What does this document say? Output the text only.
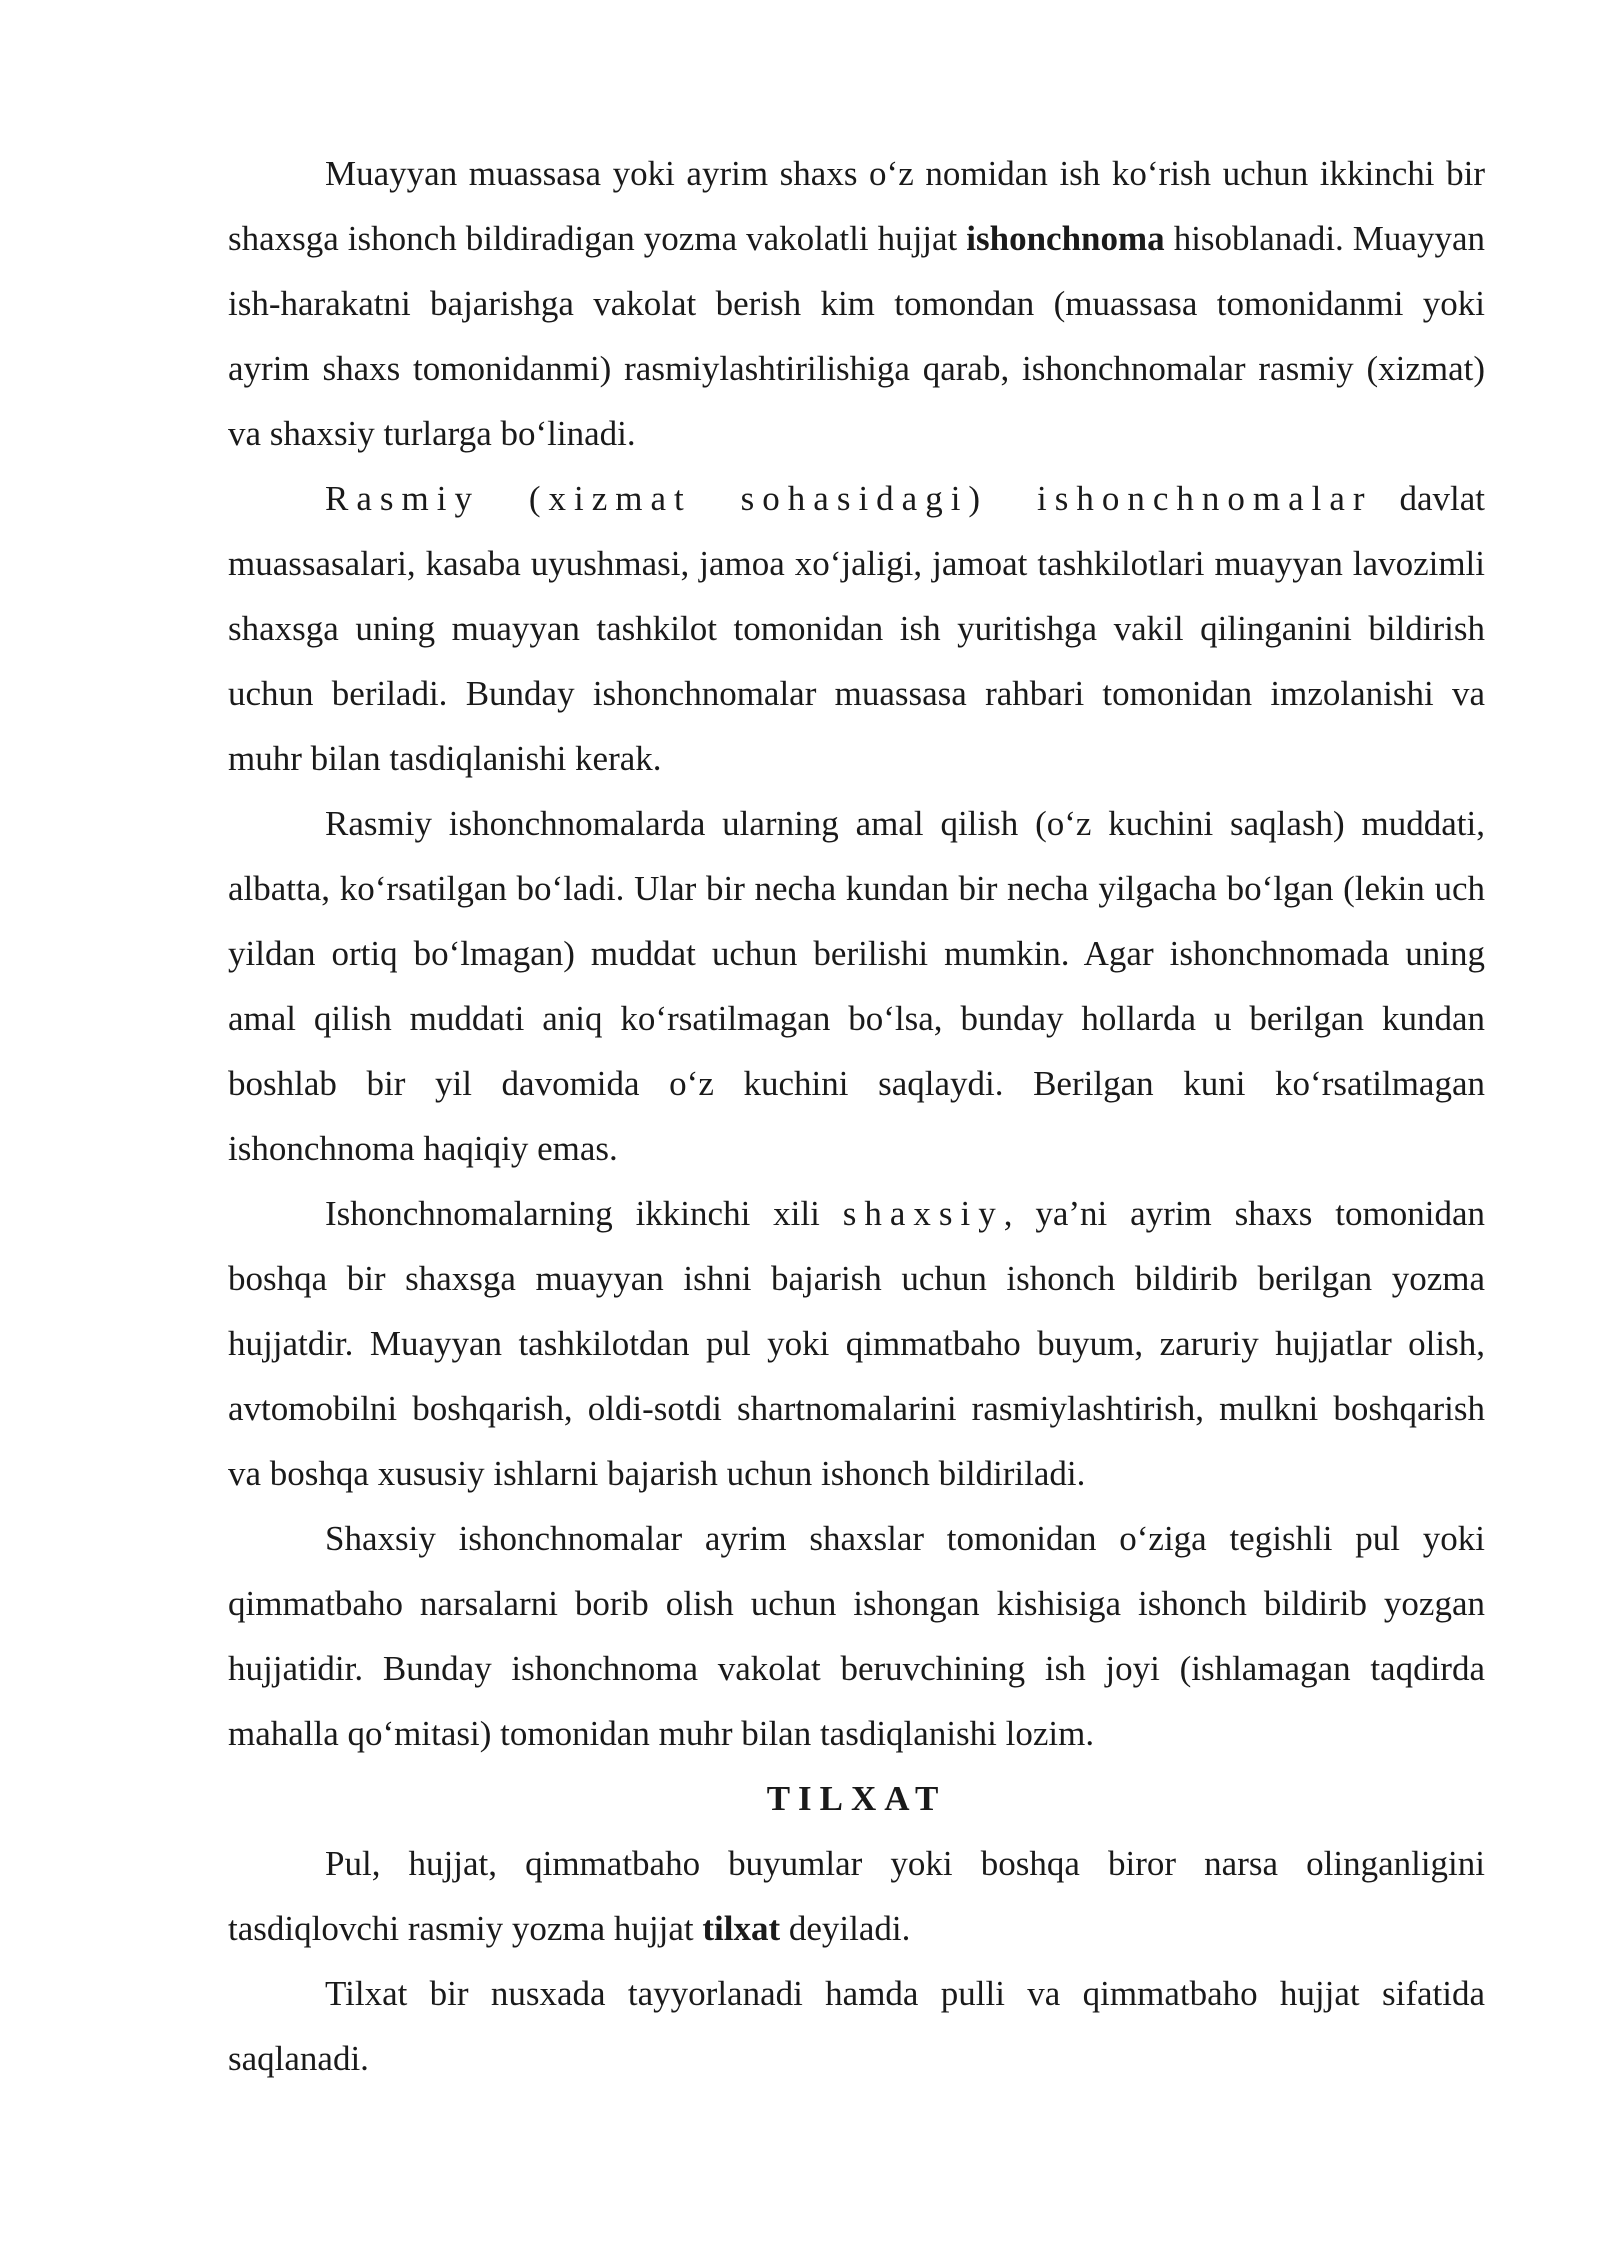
Muayyan muassasa yoki ayrim shaxs o‘z nomidan ish ko‘rish uchun ikkinchi bir shaxsga ishonch bildiradigan yozma vakolatli hujjat ishonchnoma hisoblanadi. Muayyan ish-harakatni bajarishga vakolat berish kim tomondan (muassasa tomonidanmi yoki ayrim shaxs tomonidanmi) rasmiylashtirilishiga qarab, ishonchnomalar rasmiy (xizmat) va shaxsiy turlarga bo‘linadi.

Rasmiy (xizmat sohasidagi) ishonchnomalar davlat muassasalari, kasaba uyushmasi, jamoa xo‘jaligi, jamoat tashkilotlari muayyan lavozimli shaxsga uning muayyan tashkilot tomonidan ish yuritishga vakil qilinganini bildirish uchun beriladi. Bunday ishonchnomalar muassasa rahbari tomonidan imzolanishi va muhr bilan tasdiqlanishi kerak.

Rasmiy ishonchnomalarda ularning amal qilish (o‘z kuchini saqlash) muddati, albatta, ko‘rsatilgan bo‘ladi. Ular bir necha kundan bir necha yilgacha bo‘lgan (lekin uch yildan ortiq bo‘lmagan) muddat uchun berilishi mumkin. Agar ishonchnomada uning amal qilish muddati aniq ko‘rsatilmagan bo‘lsa, bunday hollarda u berilgan kundan boshlab bir yil davomida o‘z kuchini saqlaydi. Berilgan kuni ko‘rsatilmagan ishonchnoma haqiqiy emas.

Ishonchnomalarning ikkinchi xili shaxsiy, ya’ni ayrim shaxs tomonidan boshqa bir shaxsga muayyan ishni bajarish uchun ishonch bildirib berilgan yozma hujjatdir. Muayyan tashkilotdan pul yoki qimmatbaho buyum, zaruriy hujjatlar olish, avtomobilni boshqarish, oldi-sotdi shartnomalarini rasmiylashtirish, mulkni boshqarish va boshqa xususiy ishlarni bajarish uchun ishonch bildiriladi.

Shaxsiy ishonchnomalar ayrim shaxslar tomonidan o‘ziga tegishli pul yoki qimmatbaho narsalarni borib olish uchun ishongan kishisiga ishonch bildirib yozgan hujjatidir. Bunday ishonchnoma vakolat beruvchining ish joyi (ishlamagan taqdirda mahalla qo‘mitasi) tomonidan muhr bilan tasdiqlanishi lozim.

TILXAT

Pul, hujjat, qimmatbaho buyumlar yoki boshqa biror narsa olinganligini tasdiqlovchi rasmiy yozma hujjat tilxat deyiladi.

Tilxat bir nusxada tayyorlanadi hamda pulli va qimmatbaho hujjat sifatida saqlanadi.
